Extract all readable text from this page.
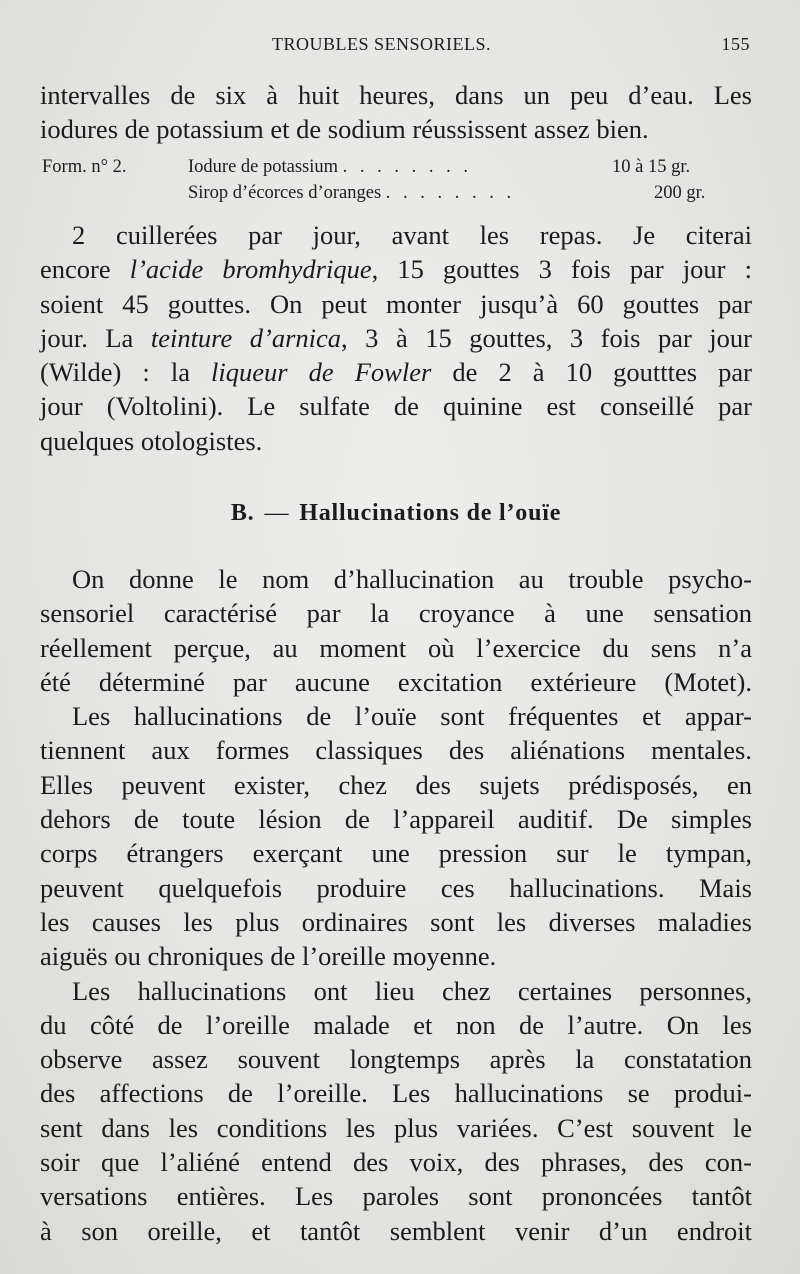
TROUBLES SENSORIELS.	155
intervalles de six à huit heures, dans un peu d’eau. Les
iodures de potassium et de sodium réussissent assez bien.
Form. n° 2.	Iodure de potassium . . . . . . . .	10 à 15 gr.
Sirop d’écorces d’oranges . . . . . . . .	200 gr.
2 cuillerées par jour, avant les repas. Je citerai
encore l’acide bromhydrique, 15 gouttes 3 fois par jour :
soient 45 gouttes. On peut monter jusqu’à 60 gouttes par
jour. La teinture d’arnica, 3 à 15 gouttes, 3 fois par jour
(Wilde) : la liqueur de Fowler de 2 à 10 goutttes par
jour (Voltolini). Le sulfate de quinine est conseillé par
quelques otologistes.
B. — Hallucinations de l’ouïe
On donne le nom d’hallucination au trouble psycho-
sensoriel caractérisé par la croyance à une sensation
réellement perçue, au moment où l’exercice du sens n’a
été déterminé par aucune excitation extérieure (Motet).
Les hallucinations de l’ouïe sont fréquentes et appar-
tiennent aux formes classiques des aliénations mentales.
Elles peuvent exister, chez des sujets prédisposés, en
dehors de toute lésion de l’appareil auditif. De simples
corps étrangers exerçant une pression sur le tympan,
peuvent quelquefois produire ces hallucinations. Mais
les causes les plus ordinaires sont les diverses maladies
aiguës ou chroniques de l’oreille moyenne.
Les hallucinations ont lieu chez certaines personnes,
du côté de l’oreille malade et non de l’autre. On les
observe assez souvent longtemps après la constatation
des affections de l’oreille. Les hallucinations se produi-
sent dans les conditions les plus variées. C’est souvent le
soir que l’aliéné entend des voix, des phrases, des con-
versations entières. Les paroles sont prononcées tantôt
à son oreille, et tantôt semblent venir d’un endroit
